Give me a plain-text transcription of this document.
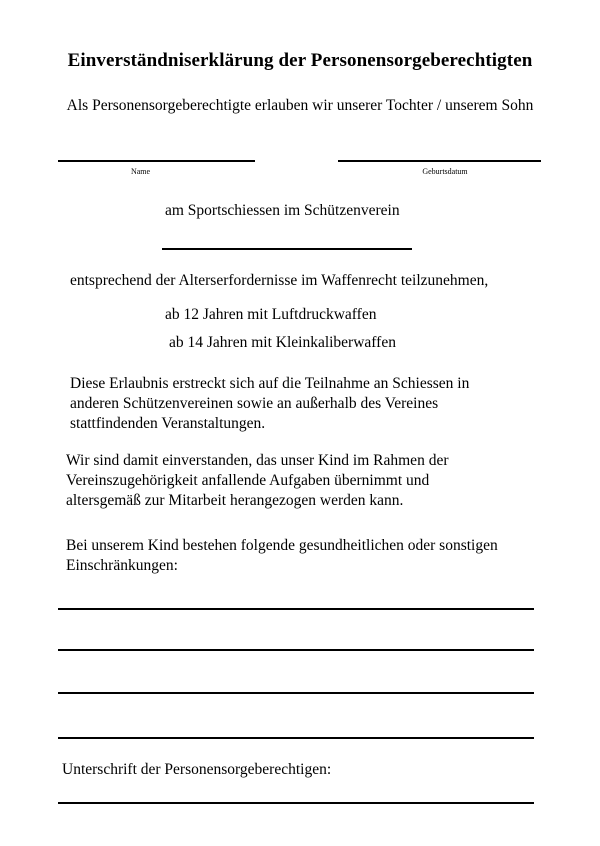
Einverständniserklärung der Personensorgeberechtigten
Als Personensorgeberechtigte erlauben wir unserer Tochter / unserem Sohn
Name	Geburtsdatum
am Sportschiessen im Schützenverein
entsprechend der Alterserfordernisse im Waffenrecht teilzunehmen,
ab 12 Jahren mit Luftdruckwaffen
ab 14 Jahren mit Kleinkaliberwaffen
Diese Erlaubnis erstreckt sich auf die Teilnahme an Schiessen in
anderen Schützenvereinen sowie an außerhalb des Vereines
stattfindenden Veranstaltungen.
Wir sind damit einverstanden, das unser Kind im Rahmen der
Vereinszugehörigkeit anfallende Aufgaben übernimmt und
altersgemäß zur Mitarbeit herangezogen werden kann.
Bei unserem Kind bestehen folgende gesundheitlichen oder sonstigen
Einschränkungen:
Unterschrift der Personensorgeberechtigen:
